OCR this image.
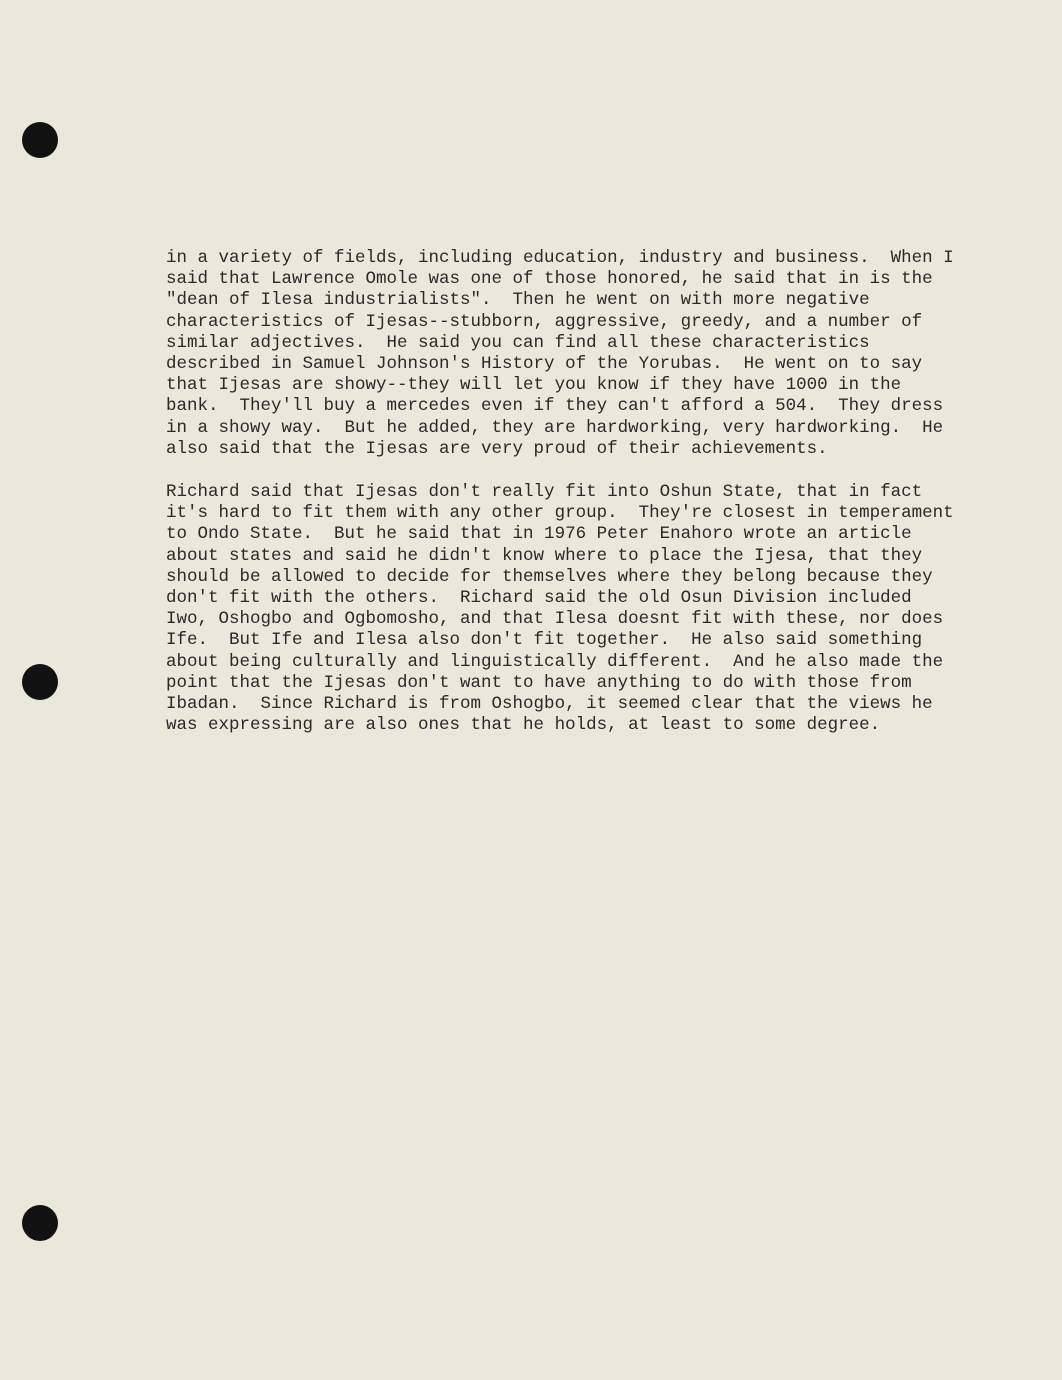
in a variety of fields, including education, industry and business.  When I
said that Lawrence Omole was one of those honored, he said that in is the
"dean of Ilesa industrialists".  Then he went on with more negative
characteristics of Ijesas--stubborn, aggressive, greedy, and a number of
similar adjectives.  He said you can find all these characteristics
described in Samuel Johnson's History of the Yorubas.  He went on to say
that Ijesas are showy--they will let you know if they have 1000 in the
bank.  They'll buy a mercedes even if they can't afford a 504.  They dress
in a showy way.  But he added, they are hardworking, very hardworking.  He
also said that the Ijesas are very proud of their achievements.
Richard said that Ijesas don't really fit into Oshun State, that in fact
it's hard to fit them with any other group.  They're closest in temperament
to Ondo State.  But he said that in 1976 Peter Enahoro wrote an article
about states and said he didn't know where to place the Ijesa, that they
should be allowed to decide for themselves where they belong because they
don't fit with the others.  Richard said the old Osun Division included
Iwo, Oshogbo and Ogbomosho, and that Ilesa doesnt fit with these, nor does
Ife.  But Ife and Ilesa also don't fit together.  He also said something
about being culturally and linguistically different.  And he also made the
point that the Ijesas don't want to have anything to do with those from
Ibadan.  Since Richard is from Oshogbo, it seemed clear that the views he
was expressing are also ones that he holds, at least to some degree.
